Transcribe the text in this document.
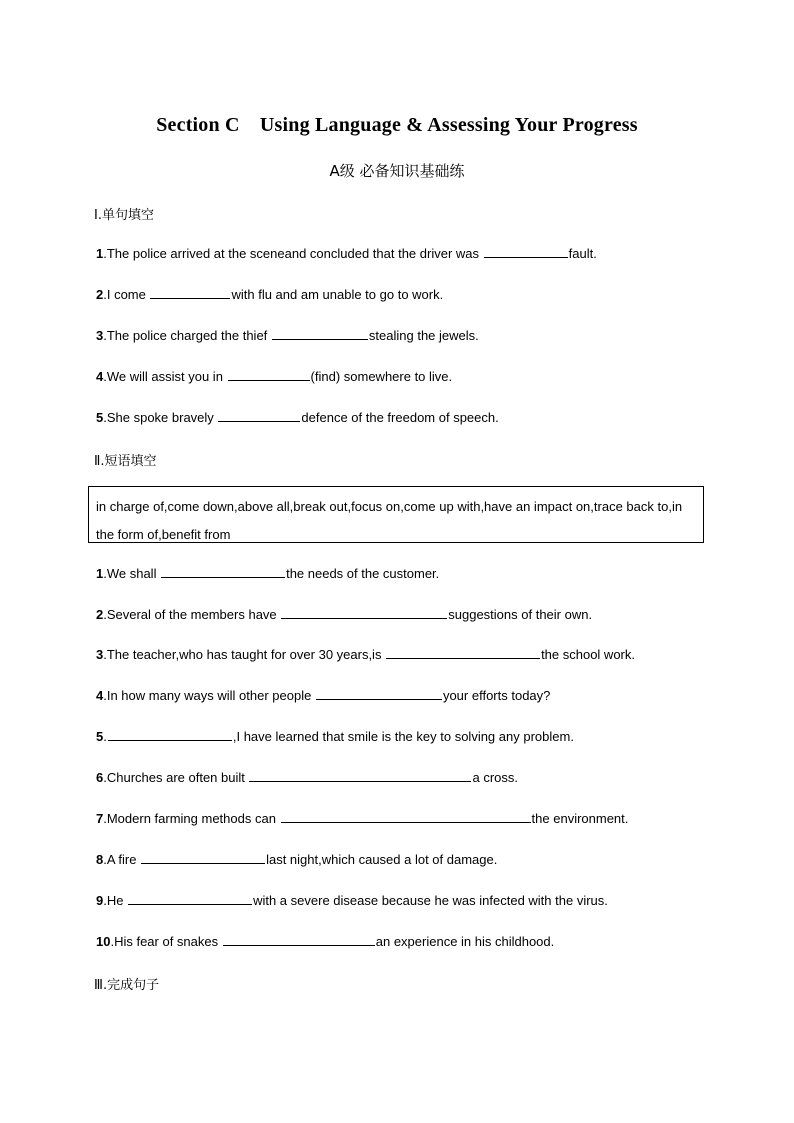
Section C　Using Language & Assessing Your Progress
A级 必备知识基础练
Ⅰ.单句填空
1.The police arrived at the sceneand concluded that the driver was	fault.
2.I come	with flu and am unable to go to work.
3.The police charged the thief	stealing the jewels.
4.We will assist you in	(find) somewhere to live.
5.She spoke bravely	defence of the freedom of speech.
Ⅱ.短语填空
in charge of,come down,above all,break out,focus on,come up with,have an impact on,trace back to,in the form of,benefit from
1.We shall	the needs of the customer.
2.Several of the members have	suggestions of their own.
3.The teacher,who has taught for over 30 years,is	the school work.
4.In how many ways will other people	your efforts today?
5.	,I have learned that smile is the key to solving any problem.
6.Churches are often built	a cross.
7.Modern farming methods can	the environment.
8.A fire	last night,which caused a lot of damage.
9.He	with a severe disease because he was infected with the virus.
10.His fear of snakes	an experience in his childhood.
Ⅲ.完成句子
